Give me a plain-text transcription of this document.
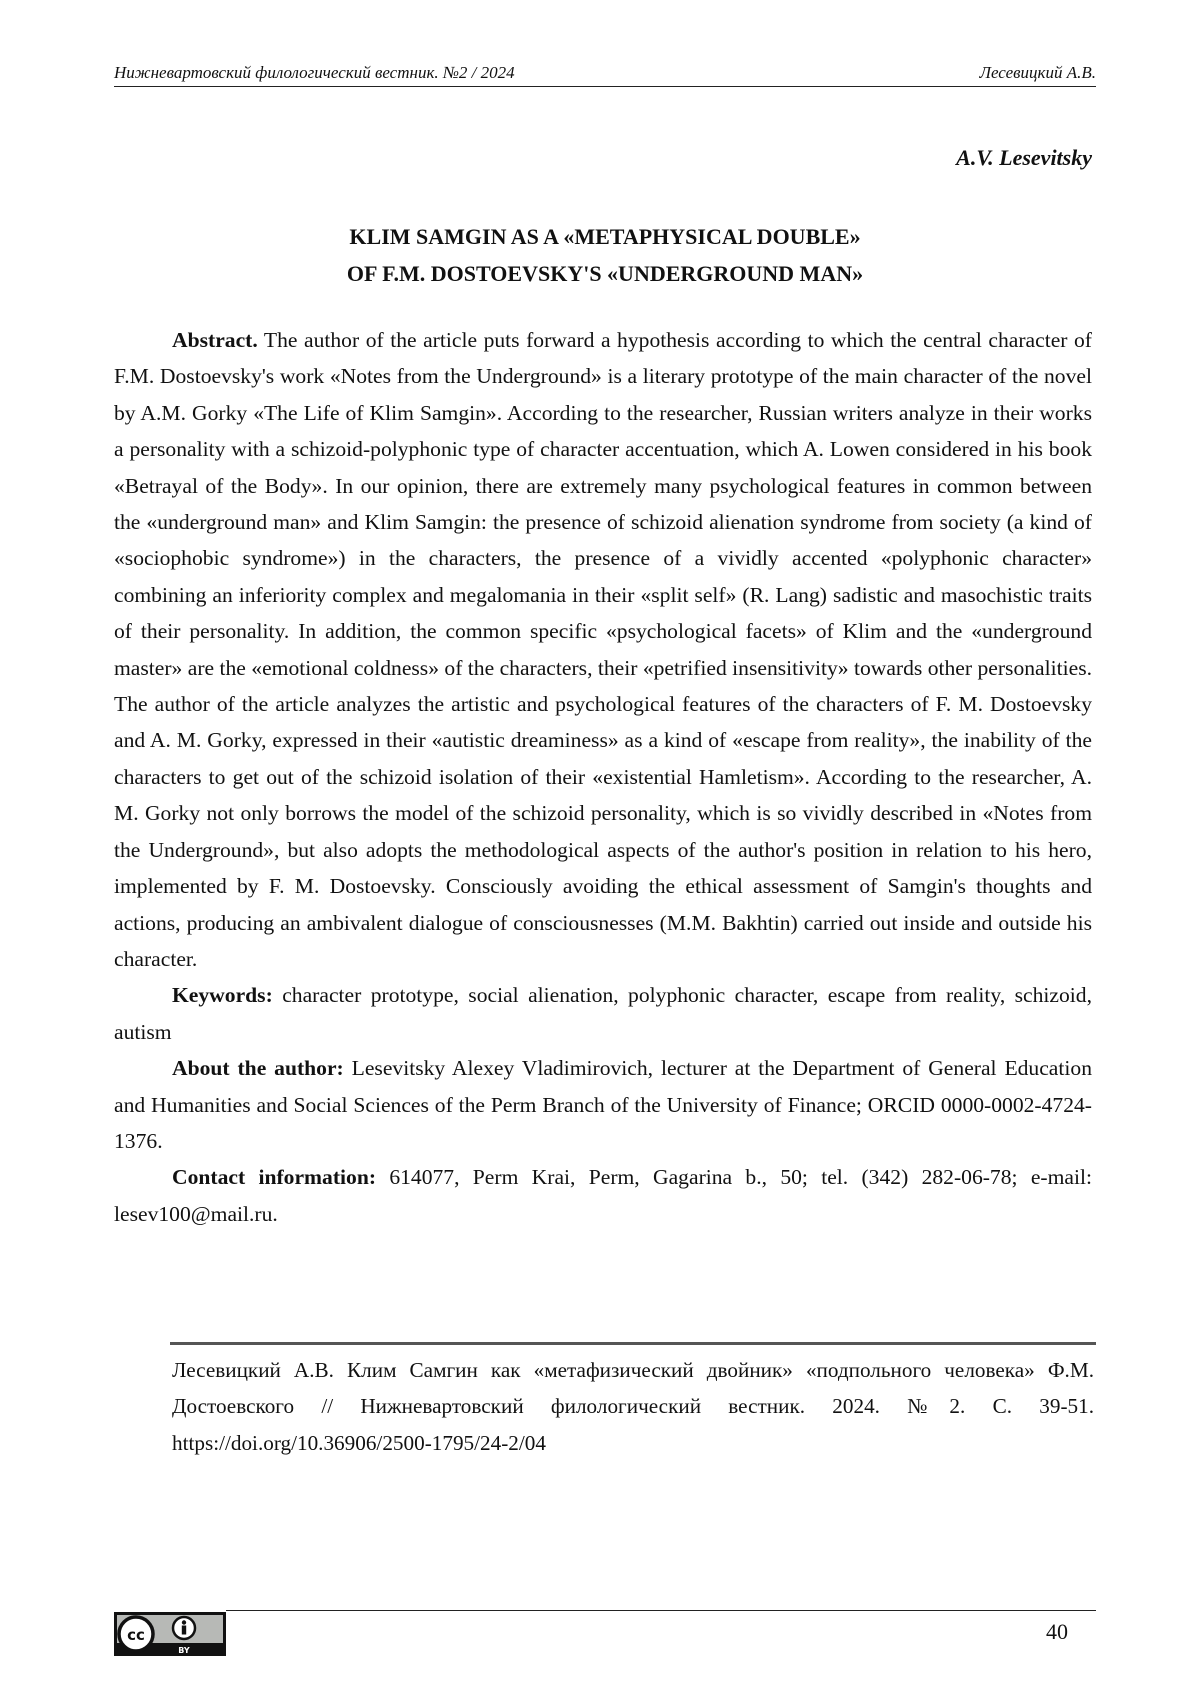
Нижневартовский филологический вестник. №2 / 2024	Лесевицкий А.В.
A.V. Lesevitsky
KLIM SAMGIN AS A «METAPHYSICAL DOUBLE»
OF F.M. DOSTOEVSKY'S «UNDERGROUND MAN»

Abstract. The author of the article puts forward a hypothesis according to which the central character of F.M. Dostoevsky's work «Notes from the Underground» is a literary prototype of the main character of the novel by A.M. Gorky «The Life of Klim Samgin». According to the researcher, Russian writers analyze in their works a personality with a schizoid-polyphonic type of character accentuation, which A. Lowen considered in his book «Betrayal of the Body». In our opinion, there are extremely many psychological features in common between the «underground man» and Klim Samgin: the presence of schizoid alienation syndrome from society (a kind of «sociophobic syndrome») in the characters, the presence of a vividly accented «polyphonic character» combining an inferiority complex and megalomania in their «split self» (R. Lang) sadistic and masochistic traits of their personality. In addition, the common specific «psychological facets» of Klim and the «underground master» are the «emotional coldness» of the characters, their «petrified insensitivity» towards other personalities. The author of the article analyzes the artistic and psychological features of the characters of F. M. Dostoevsky and A. M. Gorky, expressed in their «autistic dreaminess» as a kind of «escape from reality», the inability of the characters to get out of the schizoid isolation of their «existential Hamletism». According to the researcher, A. M. Gorky not only borrows the model of the schizoid personality, which is so vividly described in «Notes from the Underground», but also adopts the methodological aspects of the author's position in relation to his hero, implemented by F. M. Dostoevsky. Consciously avoiding the ethical assessment of Samgin's thoughts and actions, producing an ambivalent dialogue of consciousnesses (M.M. Bakhtin) carried out inside and outside his character.

Keywords: character prototype, social alienation, polyphonic character, escape from reality, schizoid, autism

About the author: Lesevitsky Alexey Vladimirovich, lecturer at the Department of General Education and Humanities and Social Sciences of the Perm Branch of the University of Finance; ORCID 0000-0002-4724-1376.

Contact information: 614077, Perm Krai, Perm, Gagarina b., 50; tel. (342) 282-06-78; e-mail: lesev100@mail.ru.

Лесевицкий А.В. Клим Самгин как «метафизический двойник» «подпольного человека» Ф.М. Достоевского // Нижневартовский филологический вестник. 2024. №2. С. 39-51. https://doi.org/10.36906/2500-1795/24-2/04
cc
BY
40
